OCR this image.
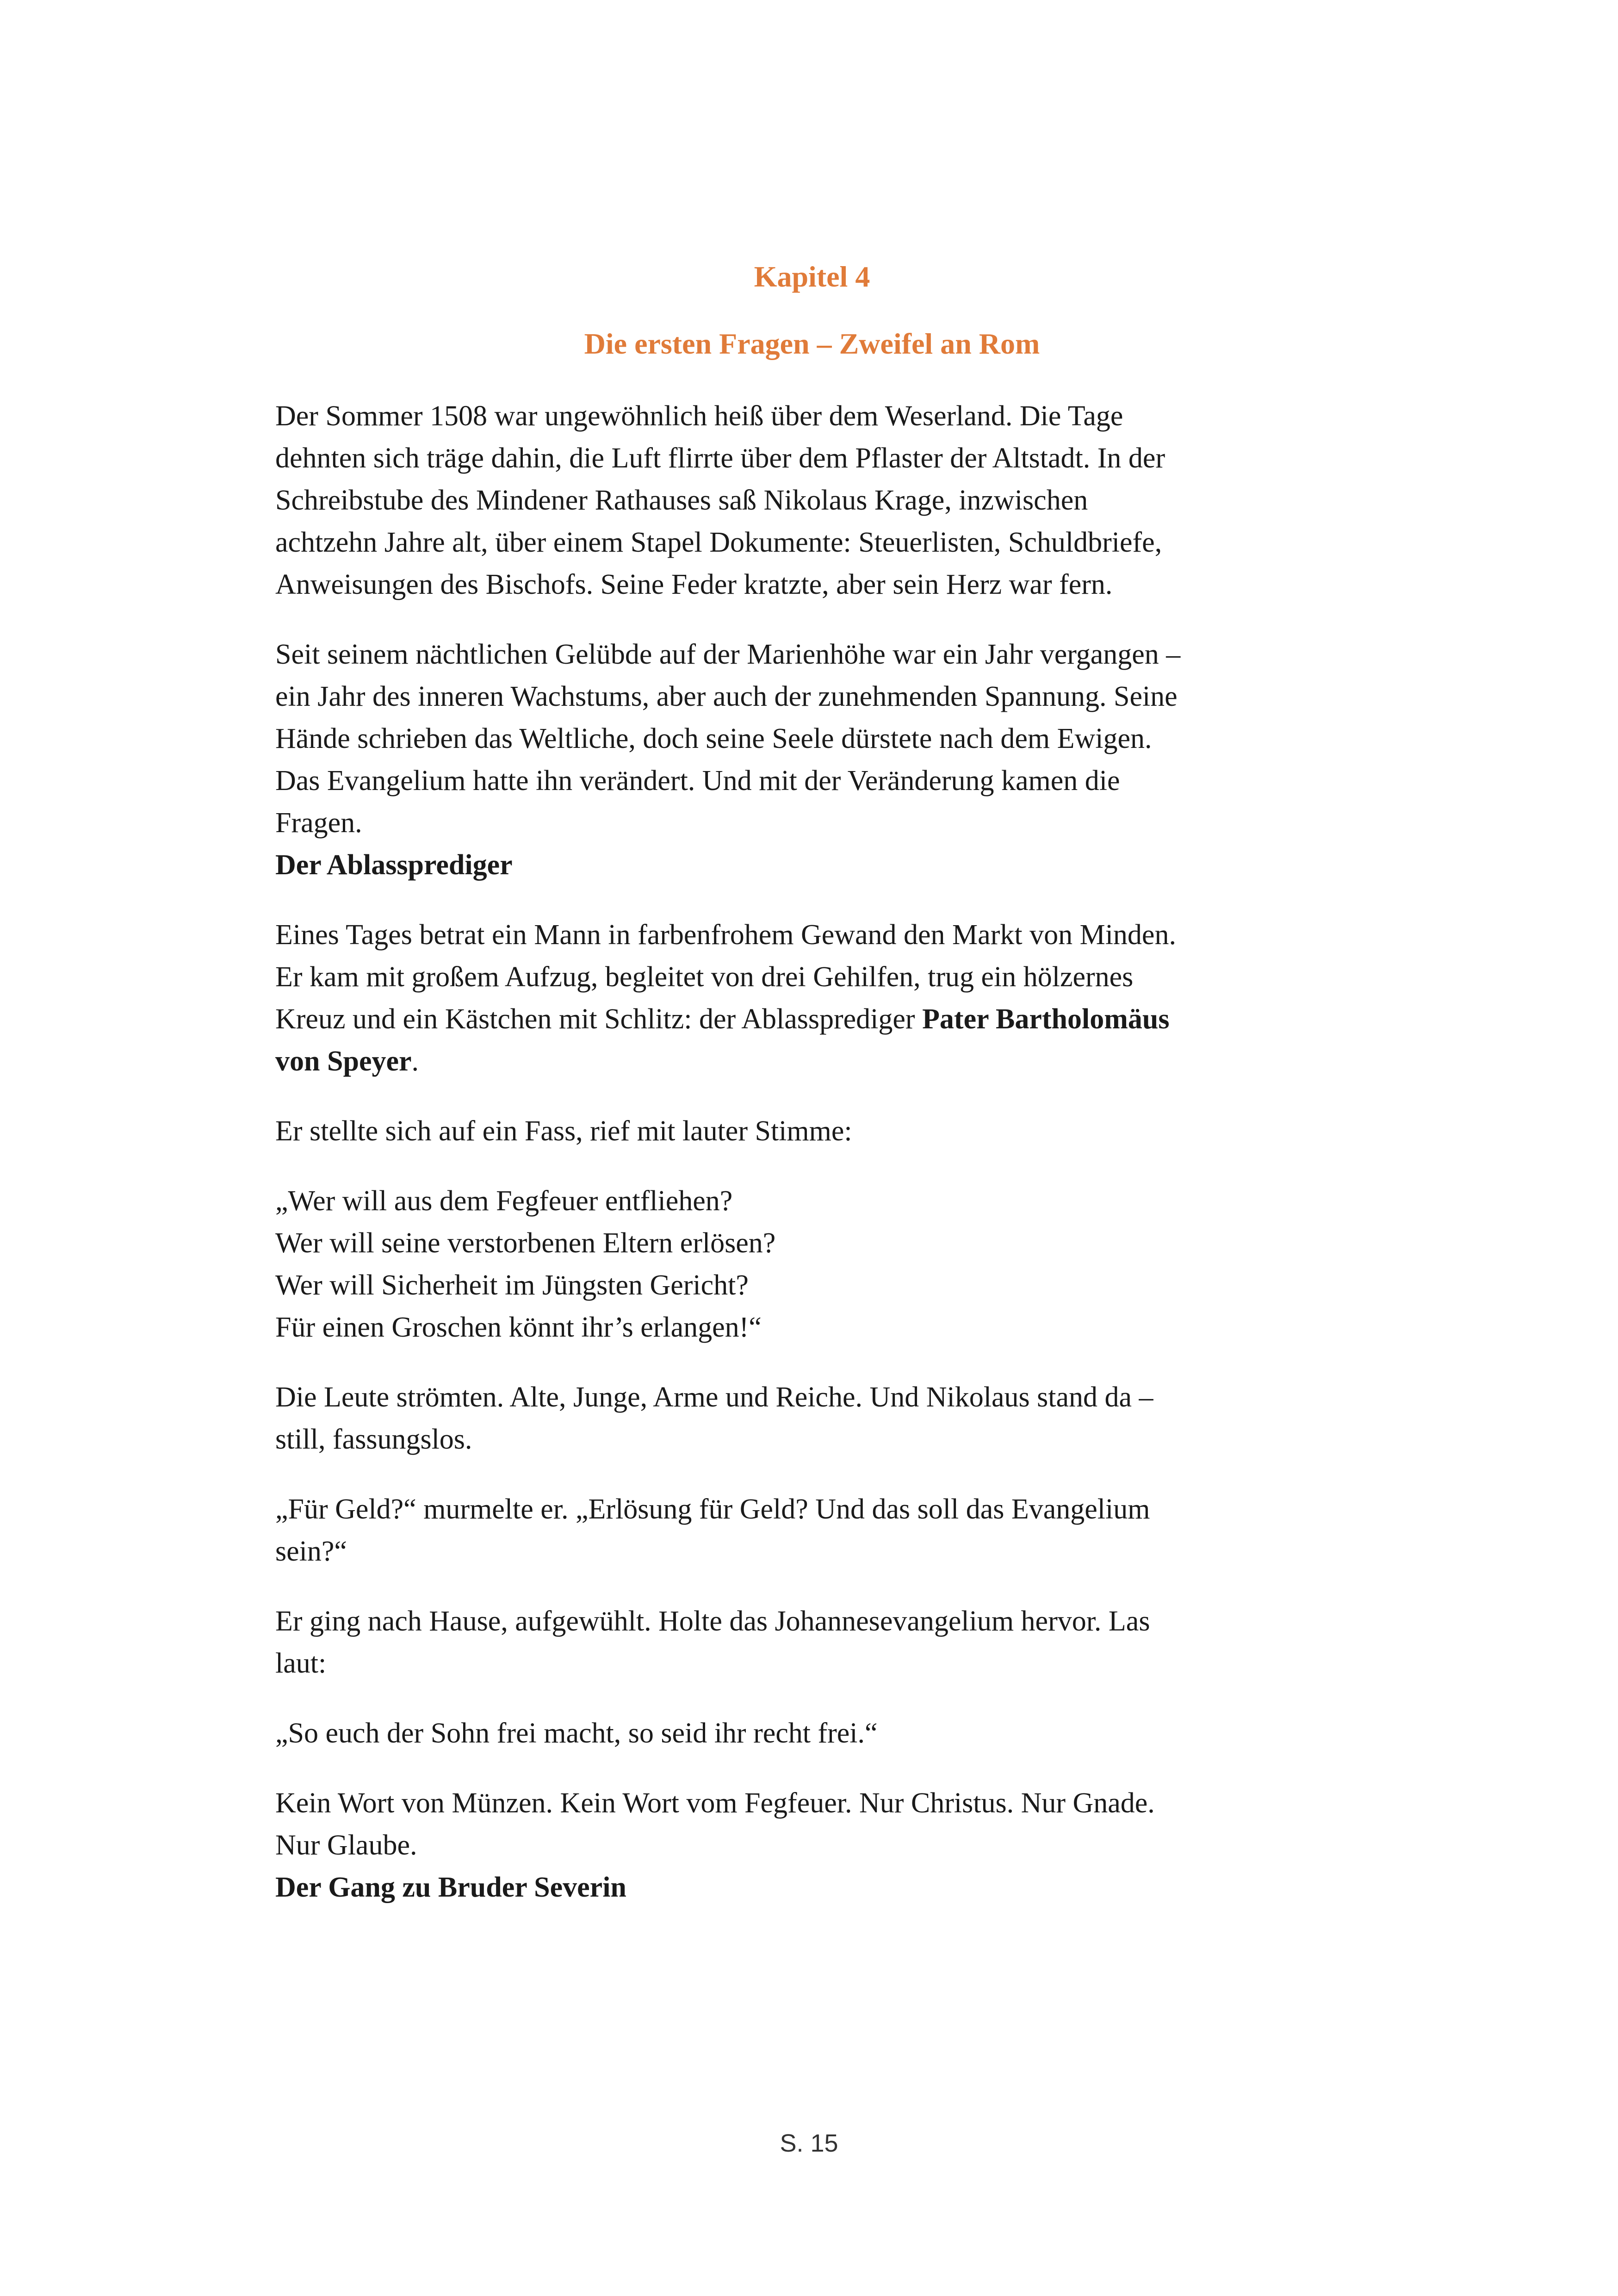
Kapitel 4
Die ersten Fragen – Zweifel an Rom

Der Sommer 1508 war ungewöhnlich heiß über dem Weserland. Die Tage
dehnten sich träge dahin, die Luft flirrte über dem Pflaster der Altstadt. In der
Schreibstube des Mindener Rathauses saß Nikolaus Krage, inzwischen
achtzehn Jahre alt, über einem Stapel Dokumente: Steuerlisten, Schuldbriefe,
Anweisungen des Bischofs. Seine Feder kratzte, aber sein Herz war fern.

Seit seinem nächtlichen Gelübde auf der Marienhöhe war ein Jahr vergangen –
ein Jahr des inneren Wachstums, aber auch der zunehmenden Spannung. Seine
Hände schrieben das Weltliche, doch seine Seele dürstete nach dem Ewigen.
Das Evangelium hatte ihn verändert. Und mit der Veränderung kamen die
Fragen.

Der Ablassprediger

Eines Tages betrat ein Mann in farbenfrohem Gewand den Markt von Minden.
Er kam mit großem Aufzug, begleitet von drei Gehilfen, trug ein hölzernes
Kreuz und ein Kästchen mit Schlitz: der Ablassprediger Pater Bartholomäus
von Speyer.

Er stellte sich auf ein Fass, rief mit lauter Stimme:

„Wer will aus dem Fegfeuer entfliehen?
Wer will seine verstorbenen Eltern erlösen?
Wer will Sicherheit im Jüngsten Gericht?
Für einen Groschen könnt ihr’s erlangen!“

Die Leute strömten. Alte, Junge, Arme und Reiche. Und Nikolaus stand da –
still, fassungslos.

„Für Geld?“ murmelte er. „Erlösung für Geld? Und das soll das Evangelium
sein?“

Er ging nach Hause, aufgewühlt. Holte das Johannesevangelium hervor. Las
laut:

„So euch der Sohn frei macht, so seid ihr recht frei.“

Kein Wort von Münzen. Kein Wort vom Fegfeuer. Nur Christus. Nur Gnade.
Nur Glaube.

Der Gang zu Bruder Severin
S. 15
